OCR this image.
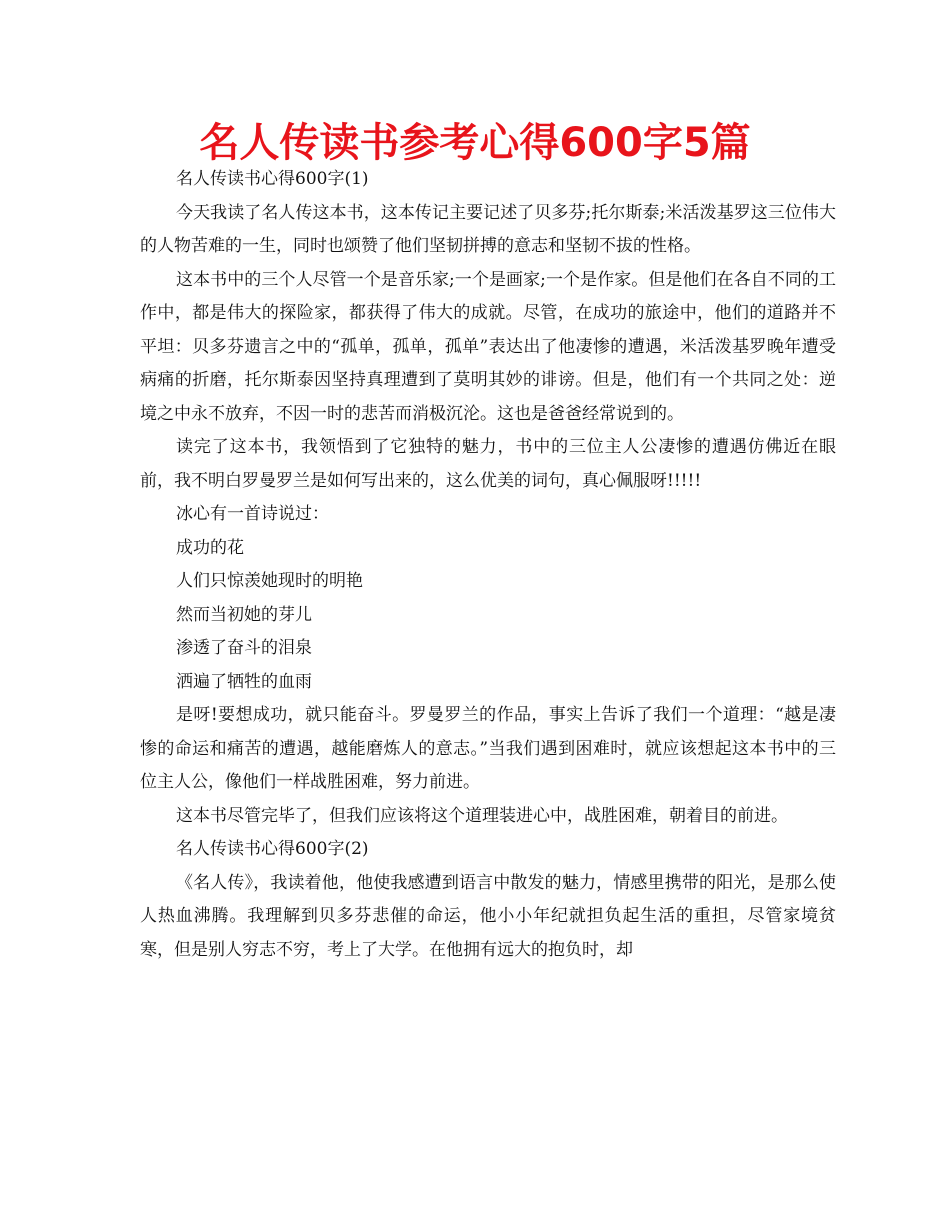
名人传读书参考心得600字5篇

名人传读书心得600字(1)

今天我读了名人传这本书，这本传记主要记述了贝多芬;托尔斯泰;米活泼基罗这三位伟大的人物苦难的一生，同时也颂赞了他们坚韧拼搏的意志和坚韧不拔的性格。

这本书中的三个人尽管一个是音乐家;一个是画家;一个是作家。但是他们在各自不同的工作中，都是伟大的探险家，都获得了伟大的成就。尽管，在成功的旅途中，他们的道路并不平坦：贝多芬遗言之中的“孤单，孤单，孤单”表达出了他凄惨的遭遇，米活泼基罗晚年遭受病痛的折磨，托尔斯泰因坚持真理遭到了莫明其妙的诽谤。但是，他们有一个共同之处：逆境之中永不放弃，不因一时的悲苦而消极沉沦。这也是爸爸经常说到的。

读完了这本书，我领悟到了它独特的魅力，书中的三位主人公凄惨的遭遇仿佛近在眼前，我不明白罗曼罗兰是如何写出来的，这么优美的词句，真心佩服呀!!!!!

冰心有一首诗说过：

成功的花

人们只惊羡她现时的明艳

然而当初她的芽儿

渗透了奋斗的泪泉

洒遍了牺牲的血雨

是呀!要想成功，就只能奋斗。罗曼罗兰的作品，事实上告诉了我们一个道理：“越是凄惨的命运和痛苦的遭遇，越能磨炼人的意志。”当我们遇到困难时，就应该想起这本书中的三位主人公，像他们一样战胜困难，努力前进。

这本书尽管完毕了，但我们应该将这个道理装进心中，战胜困难，朝着目的前进。

名人传读书心得600字(2)

《名人传》，我读着他，他使我感遭到语言中散发的魅力，情感里携带的阳光，是那么使人热血沸腾。我理解到贝多芬悲催的命运，他小小年纪就担负起生活的重担，尽管家境贫寒，但是别人穷志不穷，考上了大学。在他拥有远大的抱负时，却
